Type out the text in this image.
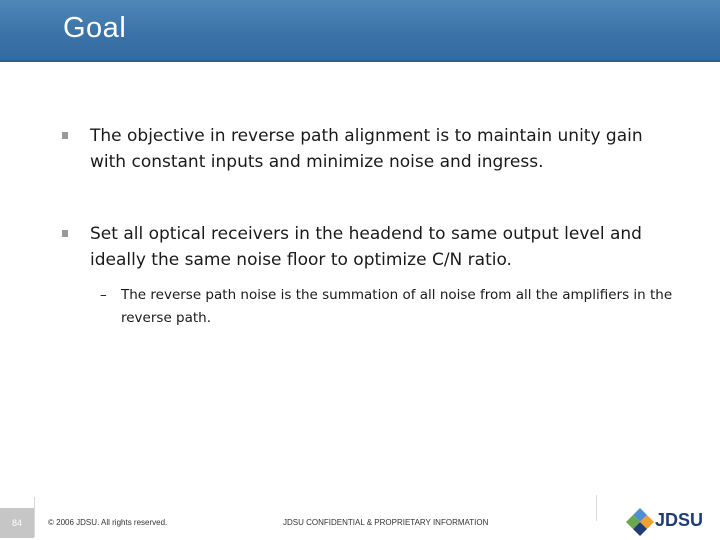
Goal
The objective in reverse path alignment is to maintain unity gain with constant inputs and minimize noise and ingress.
Set all optical receivers in the headend to same output level and ideally the same noise floor to optimize C/N ratio.
– The reverse path noise is the summation of all noise from all the amplifiers in the reverse path.
84	© 2006 JDSU. All rights reserved.	JDSU CONFIDENTIAL & PROPRIETARY INFORMATION	JDSU
